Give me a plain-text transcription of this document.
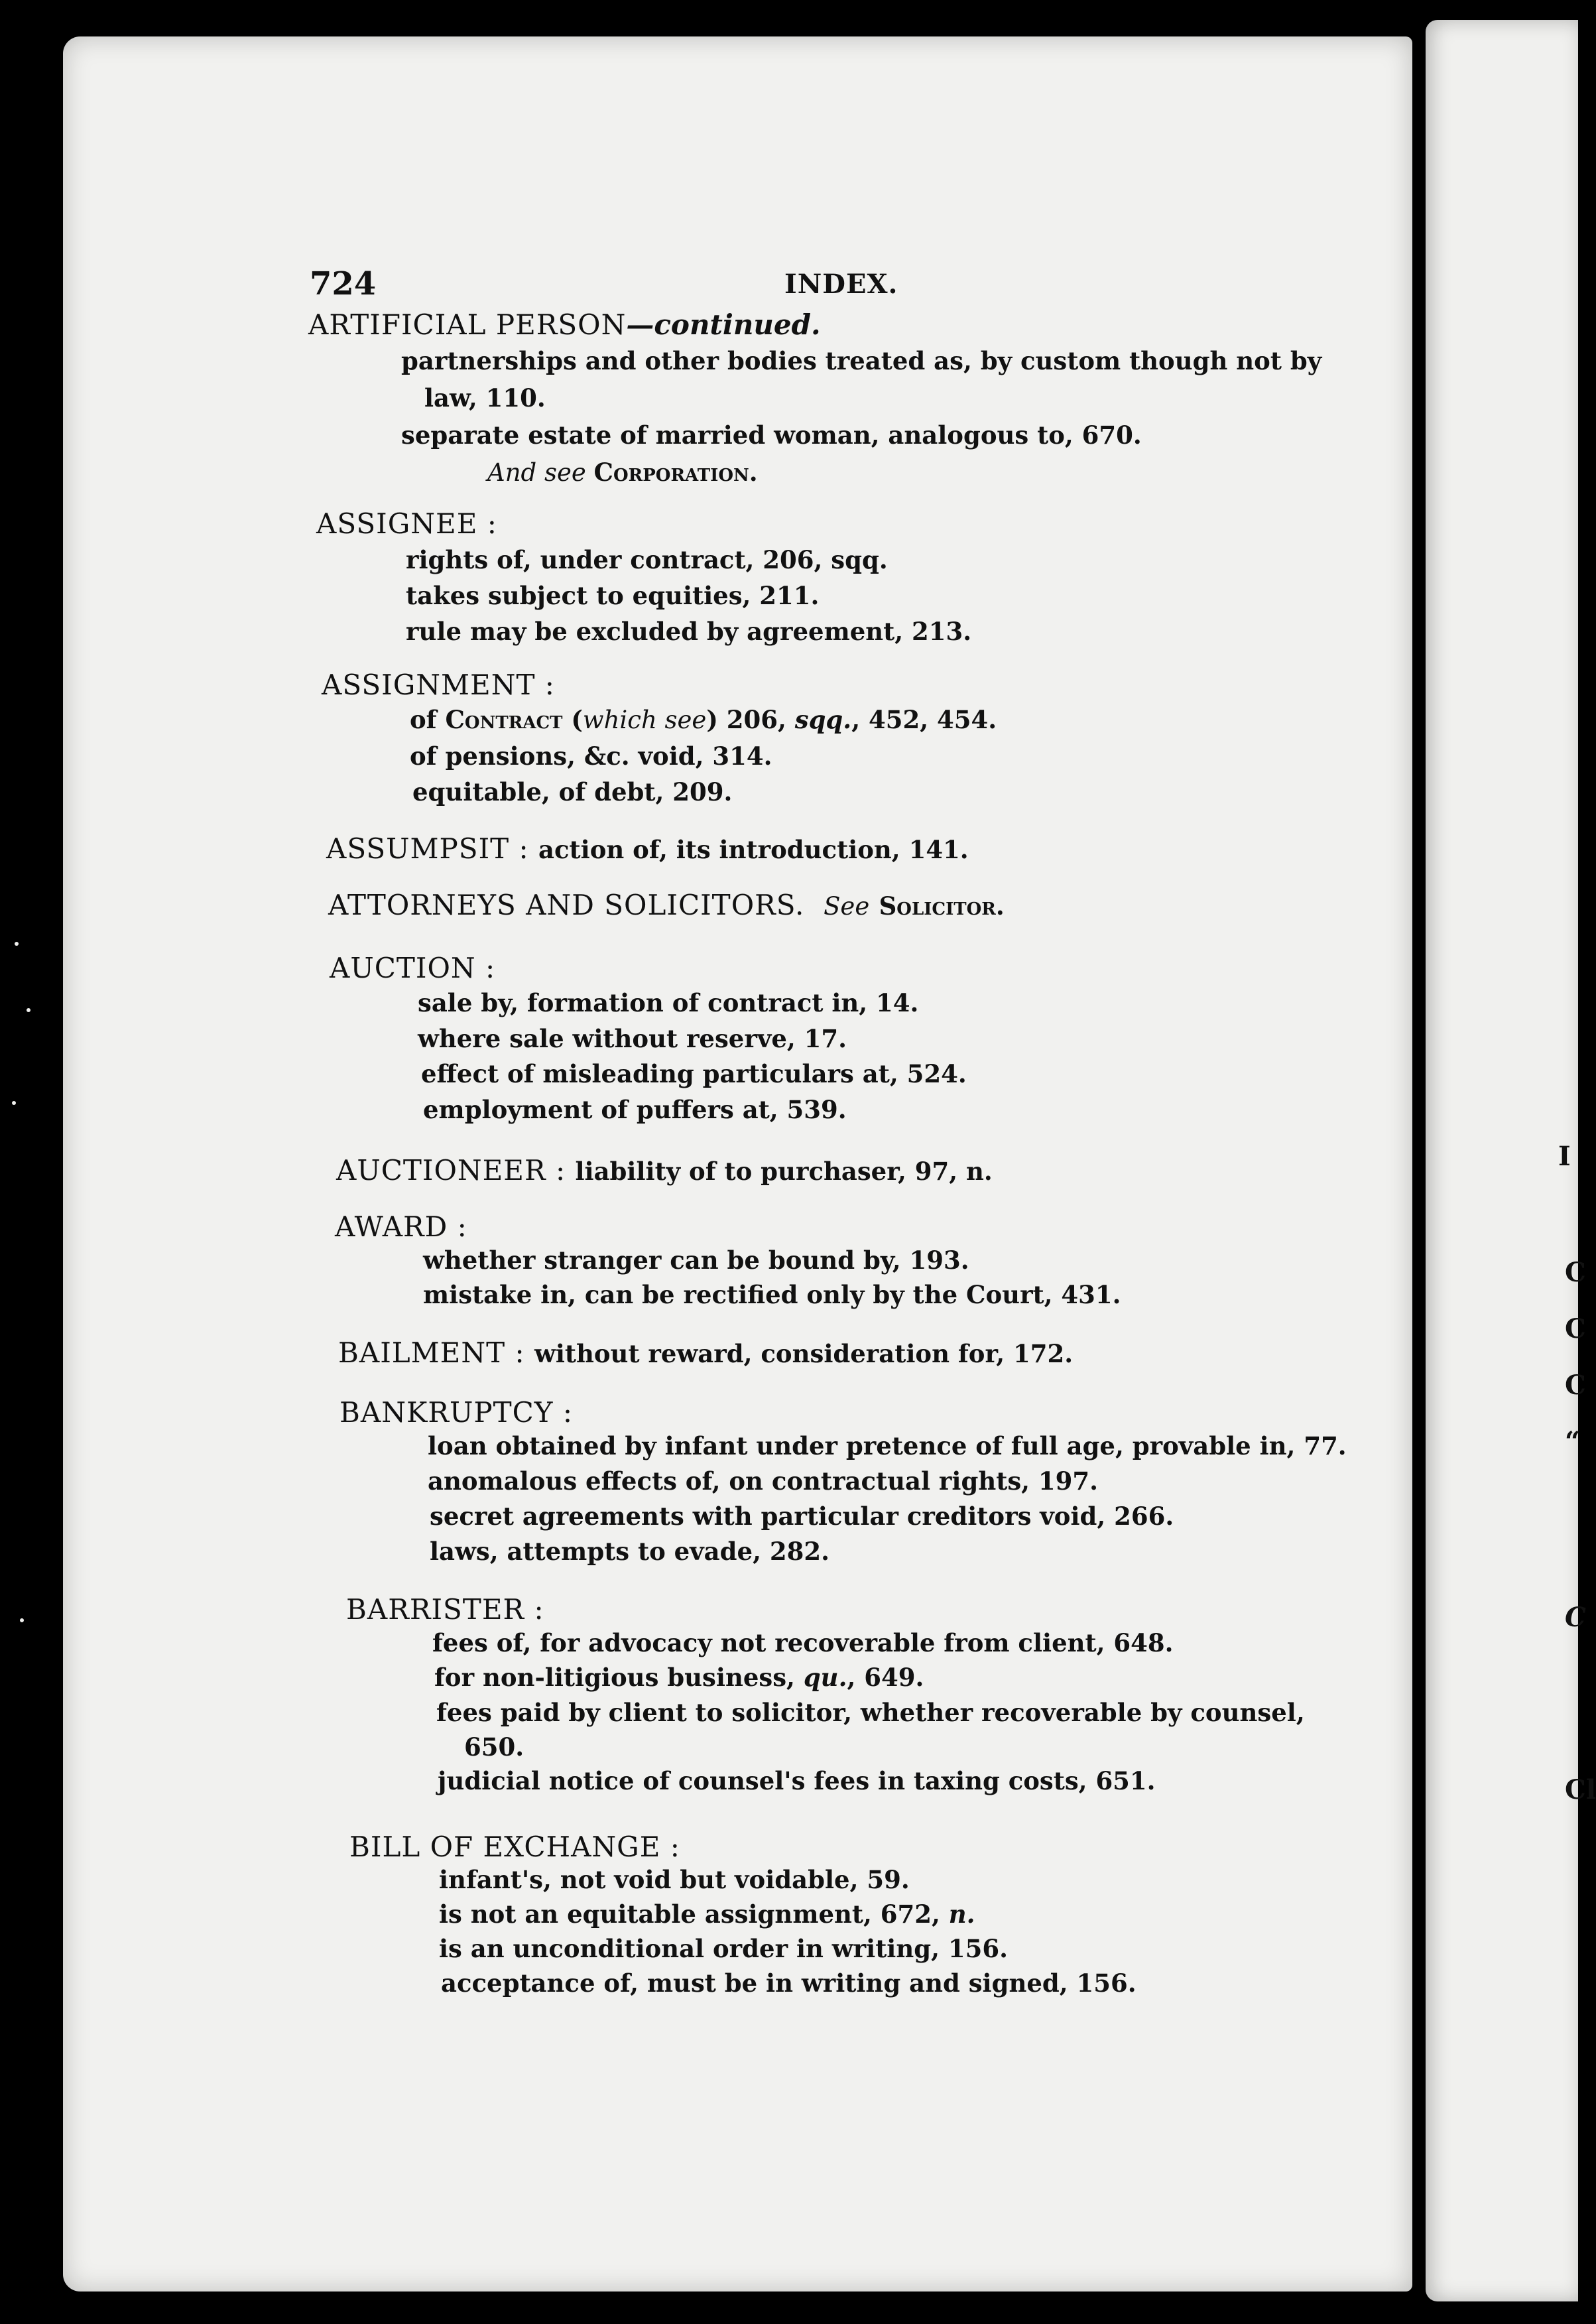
724	INDEX.
I
C
C
C
“
C
Cl
ARTIFICIAL PERSON—continued.
partnerships and other bodies treated as, by custom though not by
law, 110.
separate estate of married woman, analogous to, 670.
And see Corporation.
ASSIGNEE :
rights of, under contract, 206, sqq.
takes subject to equities, 211.
rule may be excluded by agreement, 213.
ASSIGNMENT :
of Contract (which see) 206, sqq., 452, 454.
of pensions, &c. void, 314.
equitable, of debt, 209.
ASSUMPSIT : action of, its introduction, 141.
ATTORNEYS AND SOLICITORS. See Solicitor.
AUCTION :
sale by, formation of contract in, 14.
where sale without reserve, 17.
effect of misleading particulars at, 524.
employment of puffers at, 539.
AUCTIONEER : liability of to purchaser, 97, n.
AWARD :
whether stranger can be bound by, 193.
mistake in, can be rectified only by the Court, 431.
BAILMENT : without reward, consideration for, 172.
BANKRUPTCY :
loan obtained by infant under pretence of full age, provable in, 77.
anomalous effects of, on contractual rights, 197.
secret agreements with particular creditors void, 266.
laws, attempts to evade, 282.
BARRISTER :
fees of, for advocacy not recoverable from client, 648.
for non-litigious business, qu., 649.
fees paid by client to solicitor, whether recoverable by counsel,
650.
judicial notice of counsel's fees in taxing costs, 651.
BILL OF EXCHANGE :
infant's, not void but voidable, 59.
is not an equitable assignment, 672, n.
is an unconditional order in writing, 156.
acceptance of, must be in writing and signed, 156.
